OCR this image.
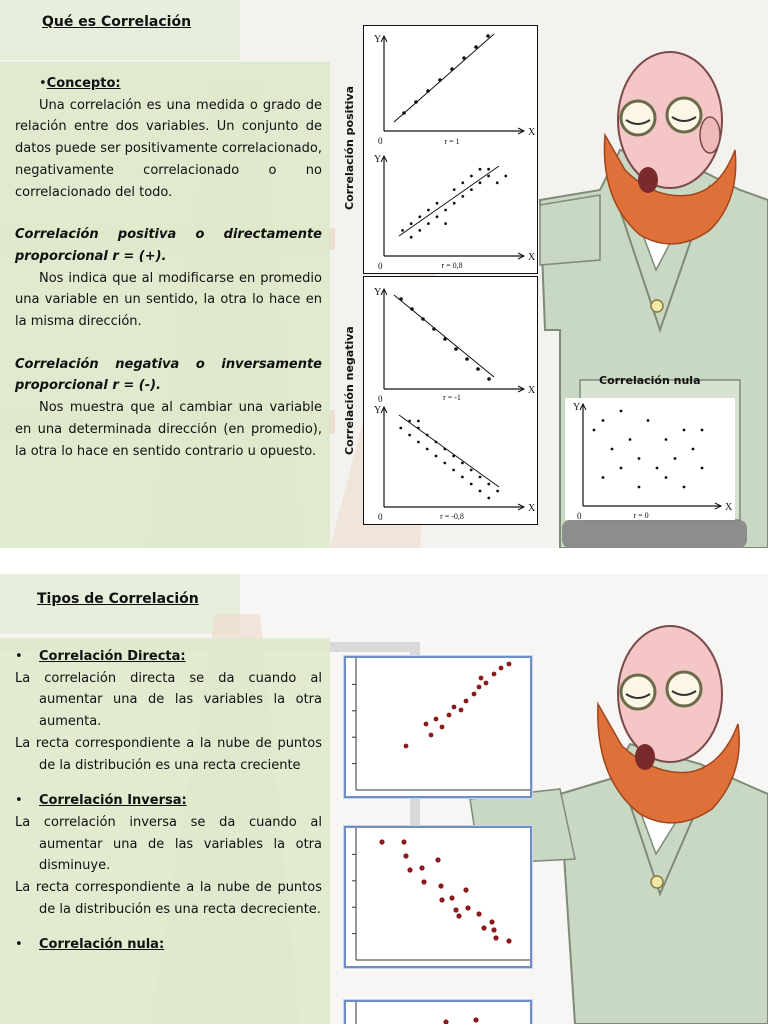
Qué es Correlación

•Concepto:

Una correlación es una medida o grado de relación entre dos variables. Un conjunto de datos puede ser positivamente correlacionado, negativamente correlacionado o no correlacionado del todo.

Correlación positiva o directamente proporcional r = (+).

Nos indica que al modificarse en promedio una variable en un sentido, la otra lo hace en la misma dirección.

Correlación negativa o inversamente proporcional r = (-).

Nos muestra que al cambiar una variable en una determinada dirección (en promedio), la otra lo hace en sentido contrario u opuesto.

Y
X
0	r = 1
Y
X
0	r = 0,8
Correlación positiva
Y
X
0	r = -1
Y
X
0	r = -0,8
Correlación negativa	Correlación nula
Y
X
0	r = 0
Tipos de Correlación

• Correlación Directa:

La correlación directa se da cuando al aumentar una de las variables la otra aumenta.

La recta correspondiente a la nube de puntos de la distribución es una recta creciente

• Correlación Inversa:

La correlación inversa se da cuando al aumentar una de las variables la otra disminuye.

La recta correspondiente a la nube de puntos de la distribución es una recta decreciente.

• Correlación nula:
